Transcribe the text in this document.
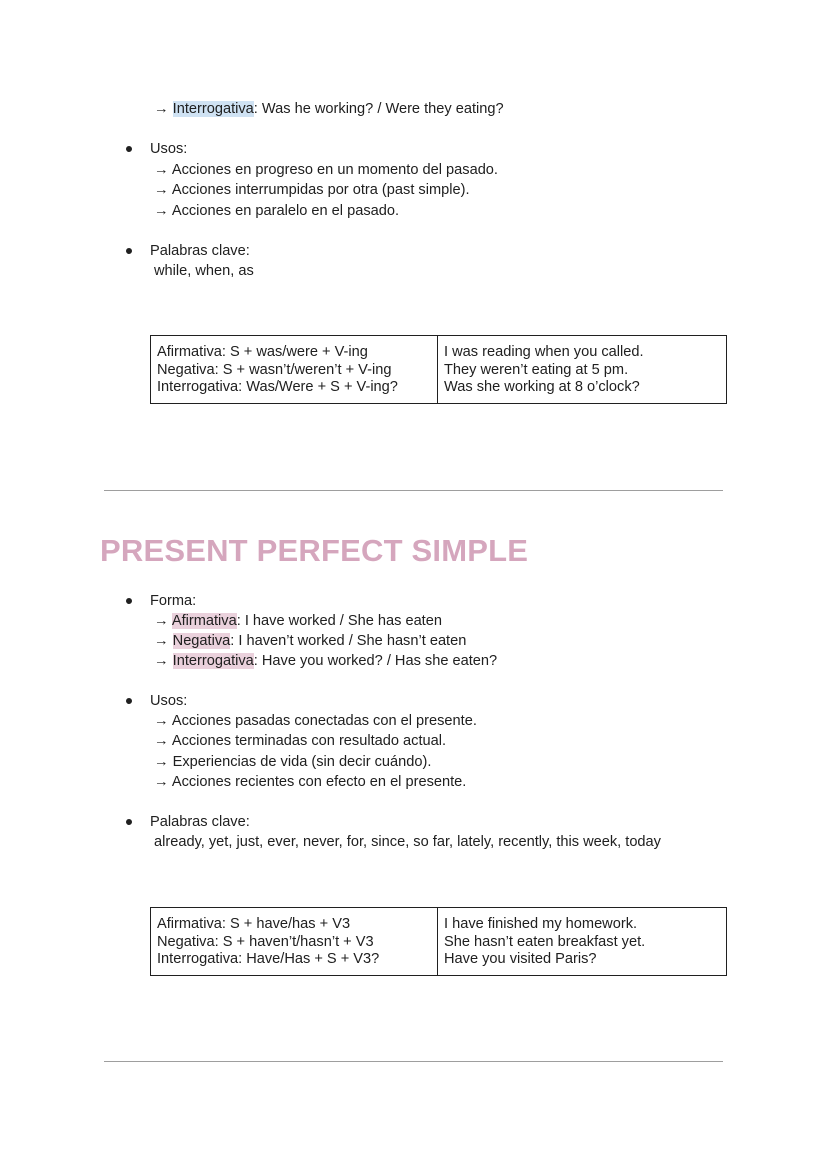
→ Interrogativa: Was he working? / Were they eating?
Usos:
→ Acciones en progreso en un momento del pasado.
→ Acciones interrumpidas por otra (past simple).
→ Acciones en paralelo en el pasado.
Palabras clave:
while, when, as
Afirmativa: S + was/were + V-ing
Negativa: S + wasn’t/weren’t + V-ing
Interrogativa: Was/Were + S + V-ing?

I was reading when you called.
They weren’t eating at 5 pm.
Was she working at 8 o’clock?
PRESENT PERFECT SIMPLE
Forma:
→ Afirmativa: I have worked / She has eaten
→ Negativa: I haven’t worked / She hasn’t eaten
→ Interrogativa: Have you worked? / Has she eaten?
Usos:
→ Acciones pasadas conectadas con el presente.
→ Acciones terminadas con resultado actual.
→ Experiencias de vida (sin decir cuándo).
→ Acciones recientes con efecto en el presente.
Palabras clave:
already, yet, just, ever, never, for, since, so far, lately, recently, this week, today
Afirmativa: S + have/has + V3
Negativa: S + haven’t/hasn’t + V3
Interrogativa: Have/Has + S + V3?

I have finished my homework.
She hasn’t eaten breakfast yet.
Have you visited Paris?
